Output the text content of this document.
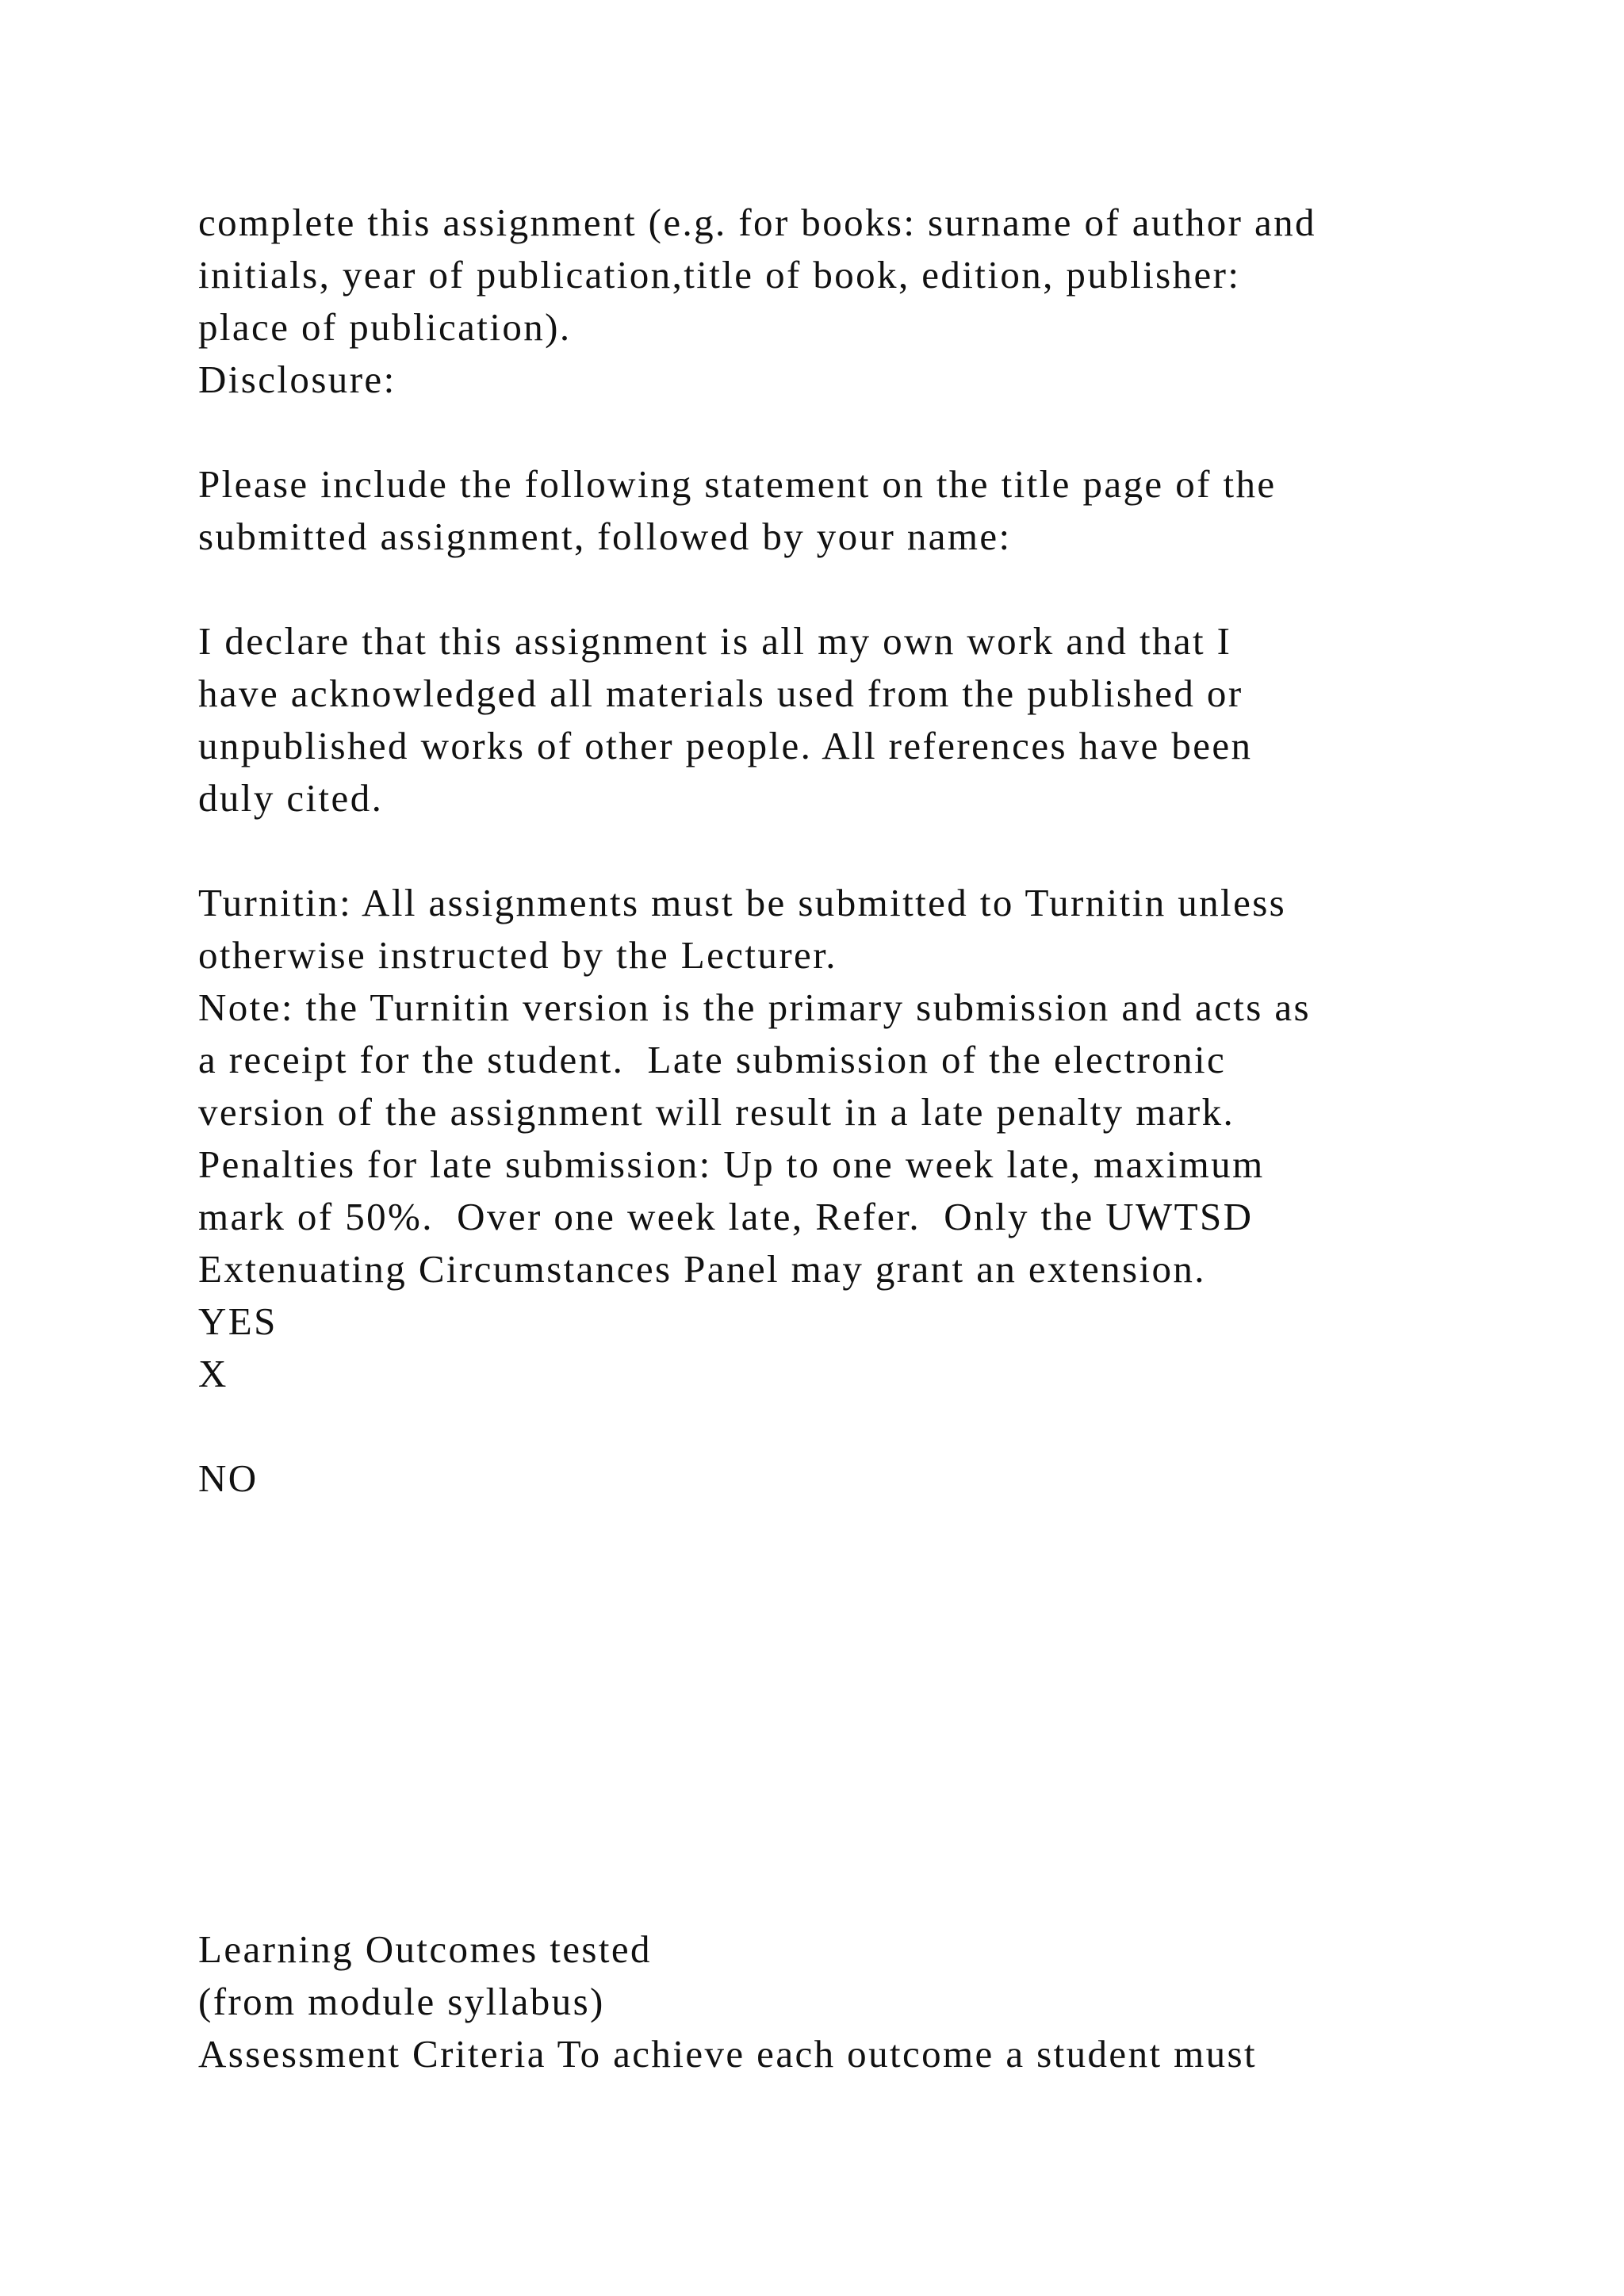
complete this assignment (e.g. for books: surname of author and
initials, year of publication,title of book, edition, publisher:
place of publication).
Disclosure:
Please include the following statement on the title page of the
submitted assignment, followed by your name:
I declare that this assignment is all my own work and that I
have acknowledged all materials used from the published or
unpublished works of other people. All references have been
duly cited.
Turnitin: All assignments must be submitted to Turnitin unless
otherwise instructed by the Lecturer.
Note: the Turnitin version is the primary submission and acts as
a receipt for the student.  Late submission of the electronic
version of the assignment will result in a late penalty mark.
Penalties for late submission: Up to one week late, maximum
mark of 50%.  Over one week late, Refer.  Only the UWTSD
Extenuating Circumstances Panel may grant an extension.
YES
X
NO
Learning Outcomes tested
(from module syllabus)
Assessment Criteria To achieve each outcome a student must
